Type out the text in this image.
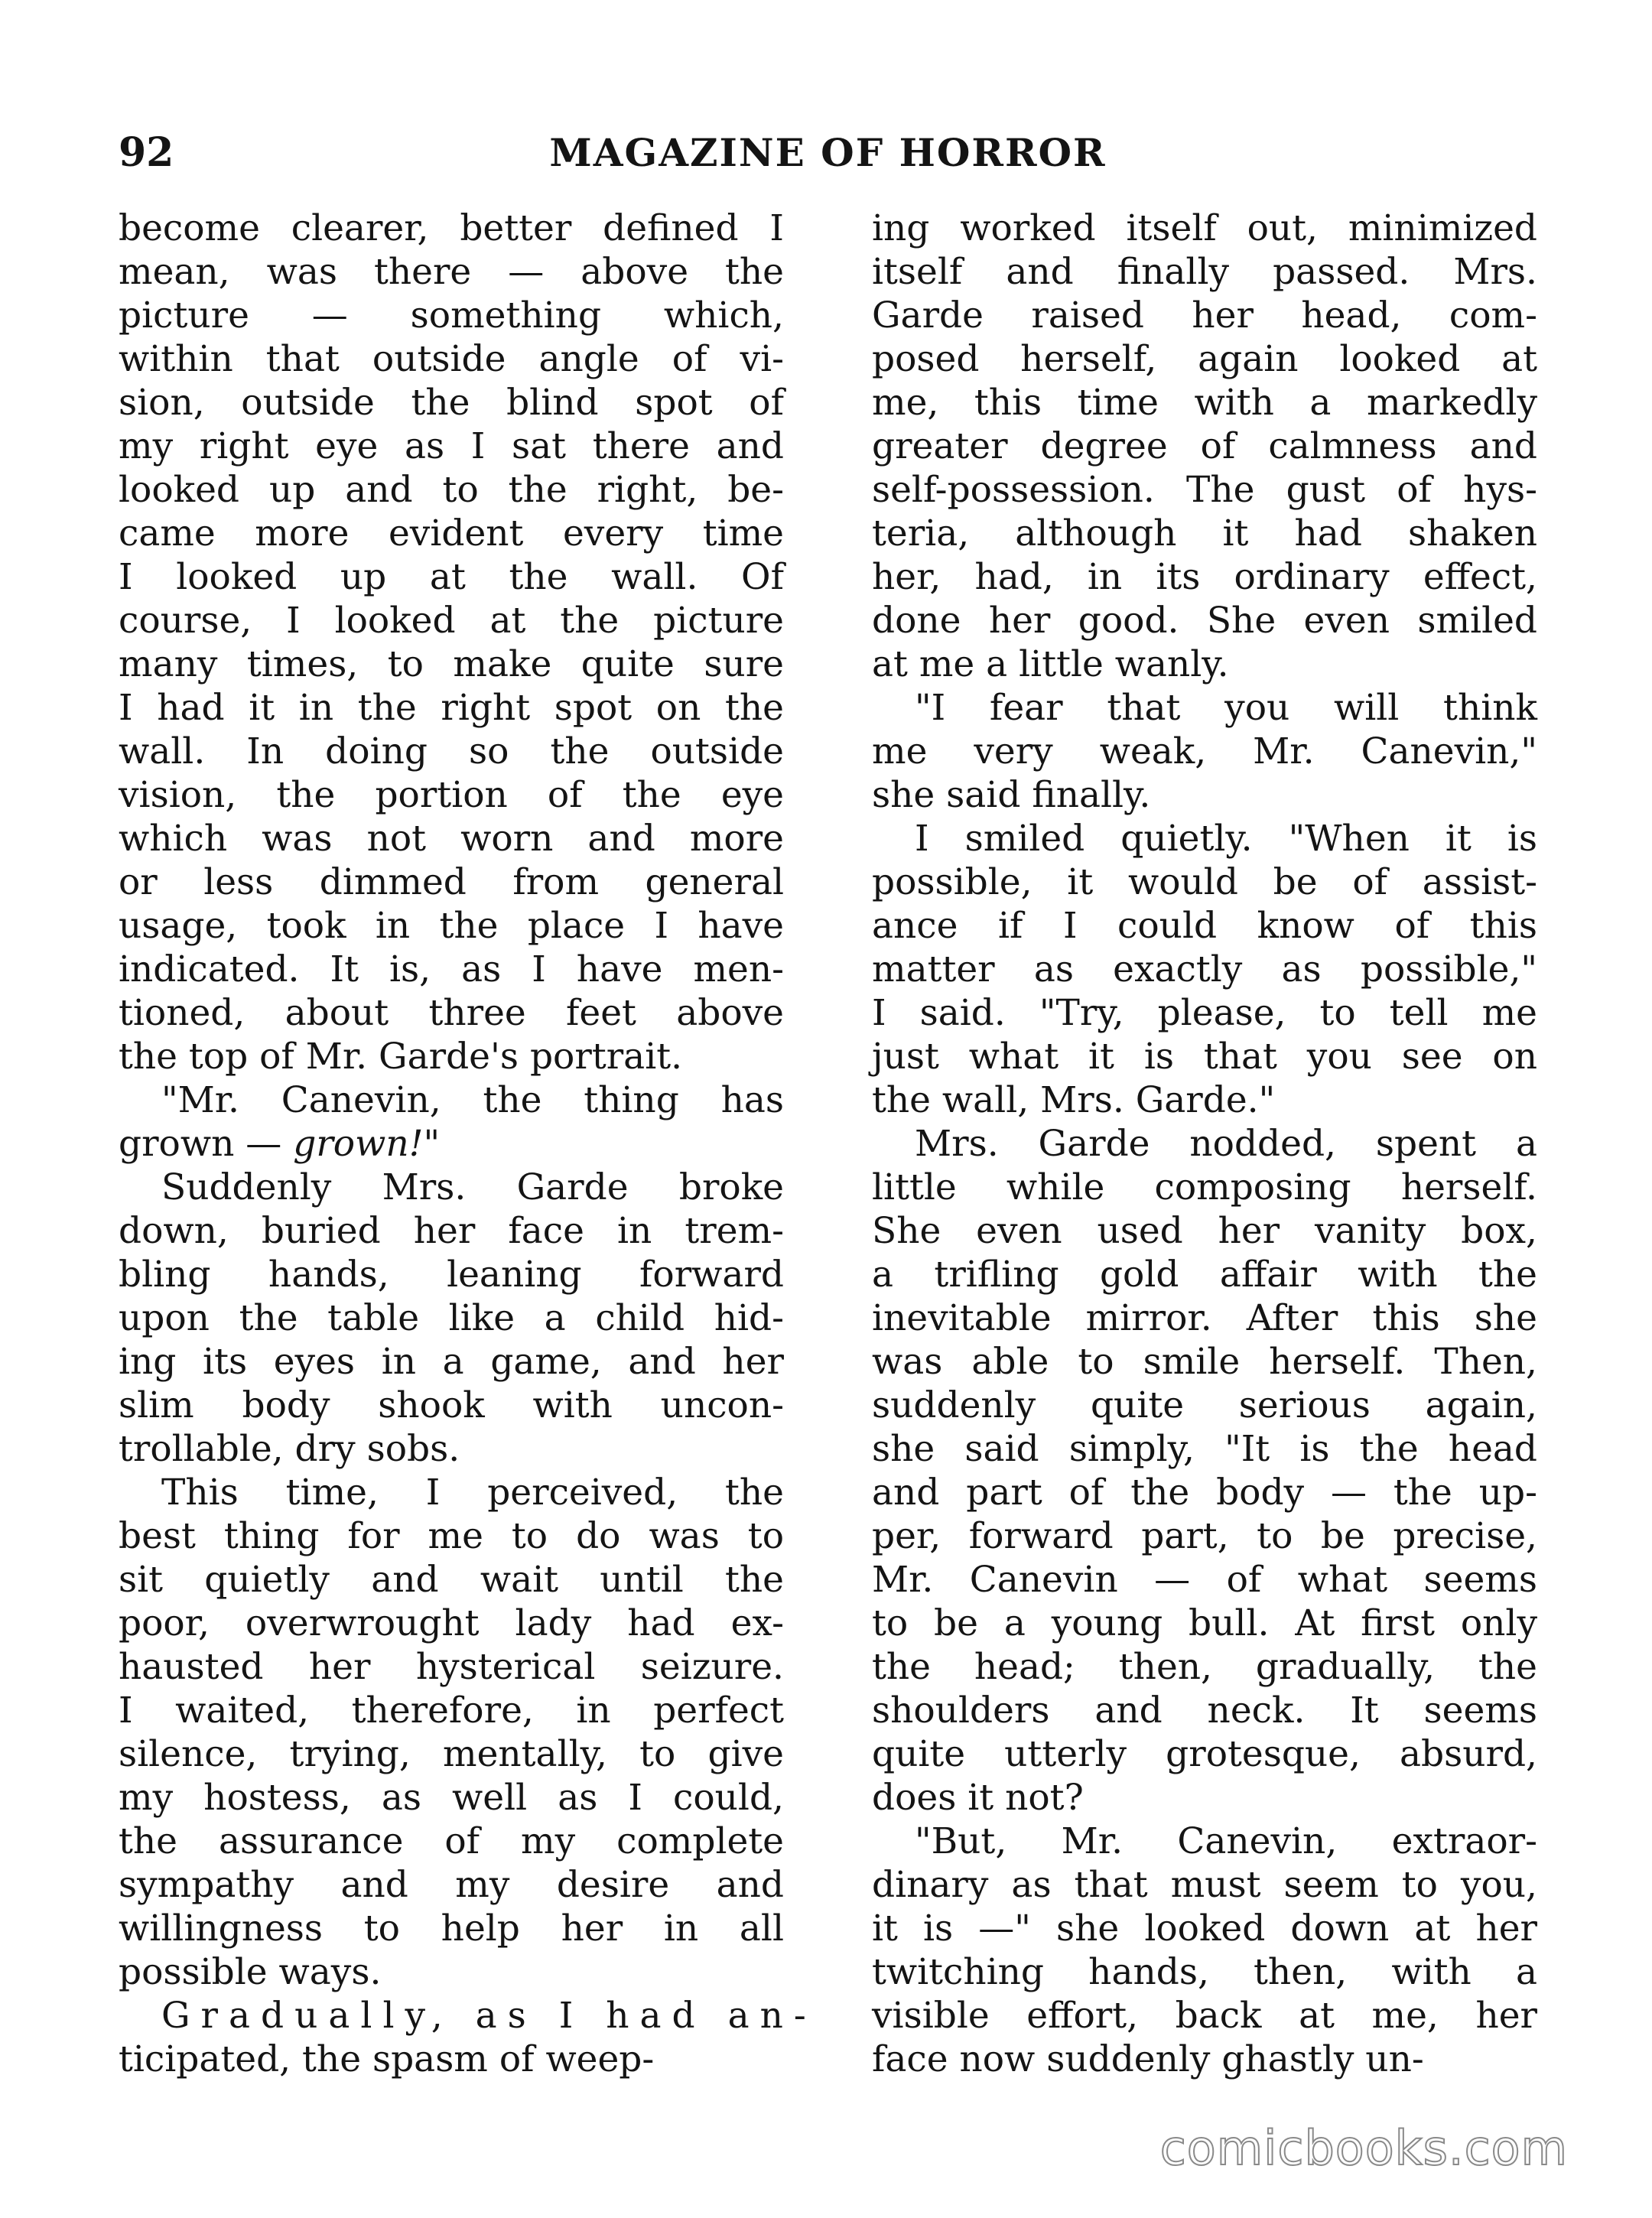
92	MAGAZINE OF HORROR
become clearer, better defined I
mean, was there — above the
picture — something which,
within that outside angle of vi-
sion, outside the blind spot of
my right eye as I sat there and
looked up and to the right, be-
came more evident every time
I looked up at the wall. Of
course, I looked at the picture
many times, to make quite sure
I had it in the right spot on the
wall. In doing so the outside
vision, the portion of the eye
which was not worn and more
or less dimmed from general
usage, took in the place I have
indicated. It is, as I have men-
tioned, about three feet above
the top of Mr. Garde's portrait.
"Mr. Canevin, the thing has
grown — grown!"
Suddenly Mrs. Garde broke
down, buried her face in trem-
bling hands, leaning forward
upon the table like a child hid-
ing its eyes in a game, and her
slim body shook with uncon-
trollable, dry sobs.
This time, I perceived, the
best thing for me to do was to
sit quietly and wait until the
poor, overwrought lady had ex-
hausted her hysterical seizure.
I waited, therefore, in perfect
silence, trying, mentally, to give
my hostess, as well as I could,
the assurance of my complete
sympathy and my desire and
willingness to help her in all
possible ways.
Gradually, as I had an-
ticipated, the spasm of weep-
ing worked itself out, minimized
itself and finally passed. Mrs.
Garde raised her head, com-
posed herself, again looked at
me, this time with a markedly
greater degree of calmness and
self-possession. The gust of hys-
teria, although it had shaken
her, had, in its ordinary effect,
done her good. She even smiled
at me a little wanly.
"I fear that you will think
me very weak, Mr. Canevin,"
she said finally.
I smiled quietly. "When it is
possible, it would be of assist-
ance if I could know of this
matter as exactly as possible,"
I said. "Try, please, to tell me
just what it is that you see on
the wall, Mrs. Garde."
Mrs. Garde nodded, spent a
little while composing herself.
She even used her vanity box,
a trifling gold affair with the
inevitable mirror. After this she
was able to smile herself. Then,
suddenly quite serious again,
she said simply, "It is the head
and part of the body — the up-
per, forward part, to be precise,
Mr. Canevin — of what seems
to be a young bull. At first only
the head; then, gradually, the
shoulders and neck. It seems
quite utterly grotesque, absurd,
does it not?
"But, Mr. Canevin, extraor-
dinary as that must seem to you,
it is —" she looked down at her
twitching hands, then, with a
visible effort, back at me, her
face now suddenly ghastly un-
comicbooks.com
